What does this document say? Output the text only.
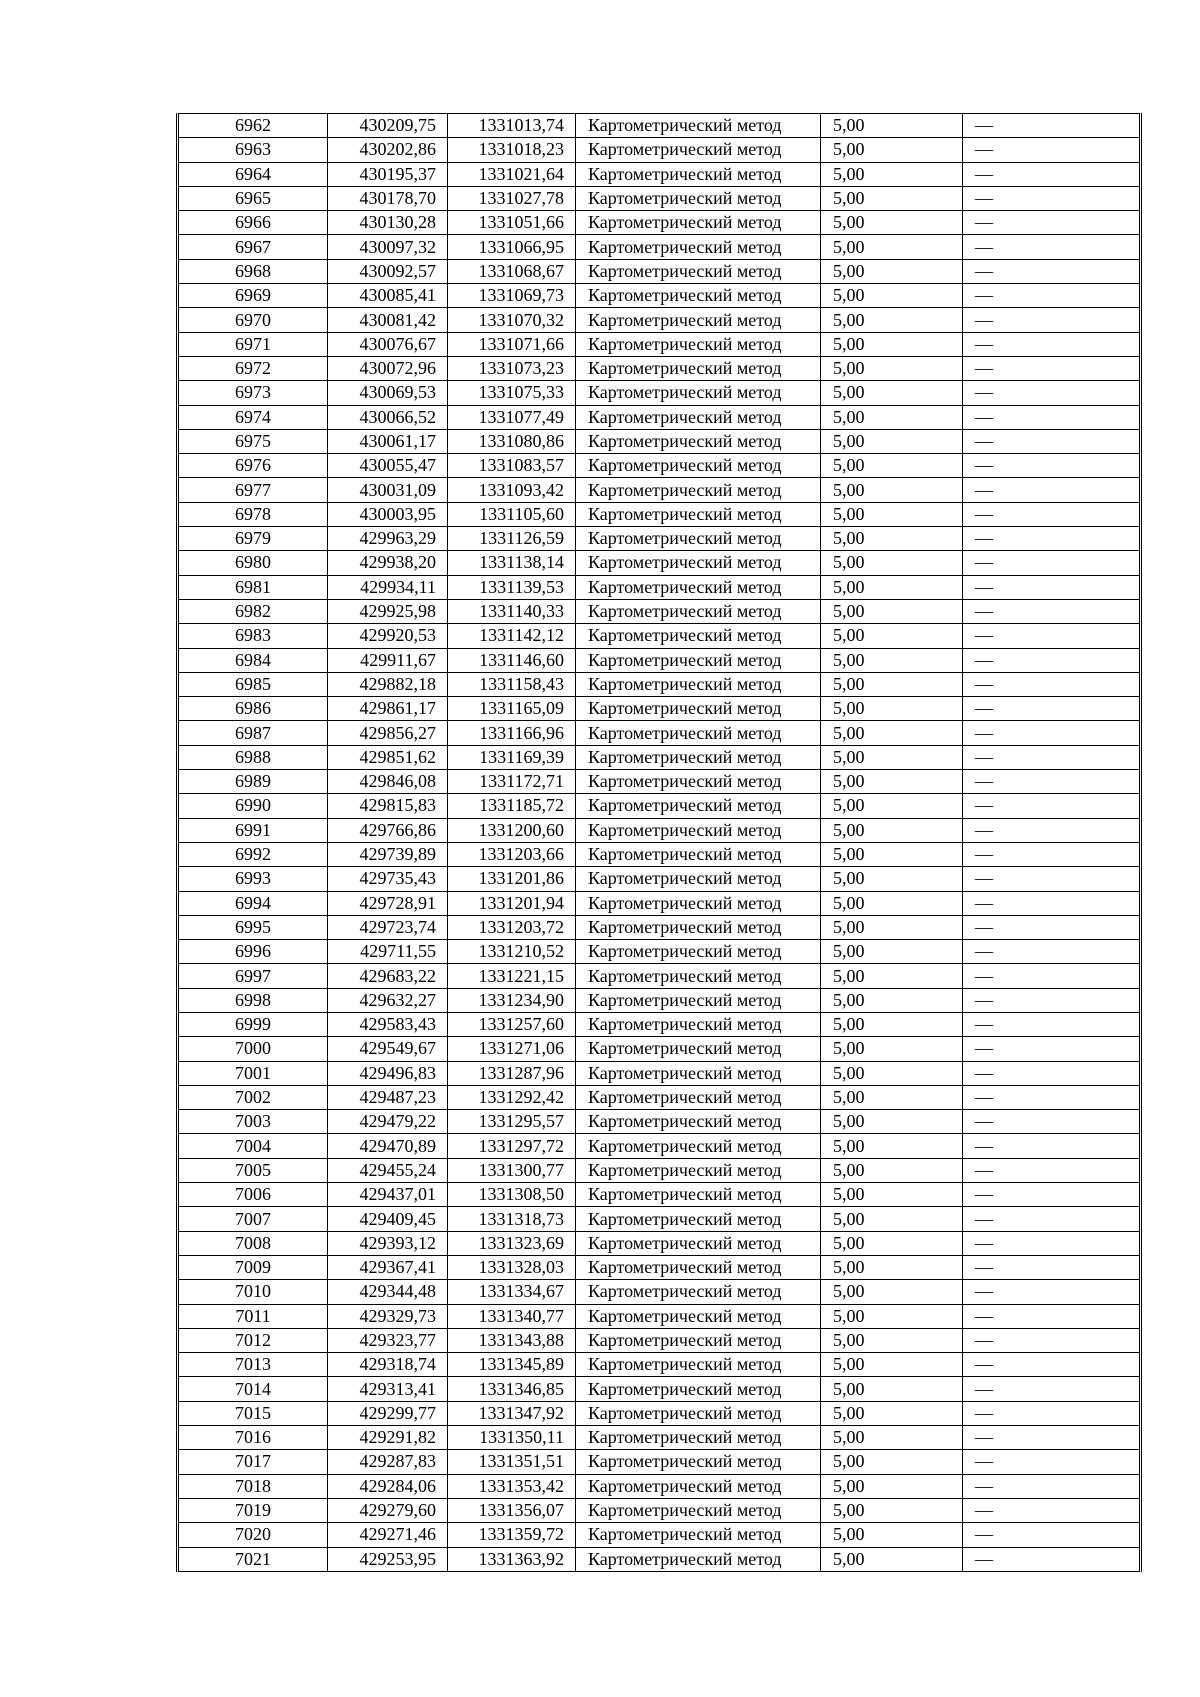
6962	430209,75	1331013,74	Картометрический метод	5,00	—
6963	430202,86	1331018,23	Картометрический метод	5,00	—
6964	430195,37	1331021,64	Картометрический метод	5,00	—
6965	430178,70	1331027,78	Картометрический метод	5,00	—
6966	430130,28	1331051,66	Картометрический метод	5,00	—
6967	430097,32	1331066,95	Картометрический метод	5,00	—
6968	430092,57	1331068,67	Картометрический метод	5,00	—
6969	430085,41	1331069,73	Картометрический метод	5,00	—
6970	430081,42	1331070,32	Картометрический метод	5,00	—
6971	430076,67	1331071,66	Картометрический метод	5,00	—
6972	430072,96	1331073,23	Картометрический метод	5,00	—
6973	430069,53	1331075,33	Картометрический метод	5,00	—
6974	430066,52	1331077,49	Картометрический метод	5,00	—
6975	430061,17	1331080,86	Картометрический метод	5,00	—
6976	430055,47	1331083,57	Картометрический метод	5,00	—
6977	430031,09	1331093,42	Картометрический метод	5,00	—
6978	430003,95	1331105,60	Картометрический метод	5,00	—
6979	429963,29	1331126,59	Картометрический метод	5,00	—
6980	429938,20	1331138,14	Картометрический метод	5,00	—
6981	429934,11	1331139,53	Картометрический метод	5,00	—
6982	429925,98	1331140,33	Картометрический метод	5,00	—
6983	429920,53	1331142,12	Картометрический метод	5,00	—
6984	429911,67	1331146,60	Картометрический метод	5,00	—
6985	429882,18	1331158,43	Картометрический метод	5,00	—
6986	429861,17	1331165,09	Картометрический метод	5,00	—
6987	429856,27	1331166,96	Картометрический метод	5,00	—
6988	429851,62	1331169,39	Картометрический метод	5,00	—
6989	429846,08	1331172,71	Картометрический метод	5,00	—
6990	429815,83	1331185,72	Картометрический метод	5,00	—
6991	429766,86	1331200,60	Картометрический метод	5,00	—
6992	429739,89	1331203,66	Картометрический метод	5,00	—
6993	429735,43	1331201,86	Картометрический метод	5,00	—
6994	429728,91	1331201,94	Картометрический метод	5,00	—
6995	429723,74	1331203,72	Картометрический метод	5,00	—
6996	429711,55	1331210,52	Картометрический метод	5,00	—
6997	429683,22	1331221,15	Картометрический метод	5,00	—
6998	429632,27	1331234,90	Картометрический метод	5,00	—
6999	429583,43	1331257,60	Картометрический метод	5,00	—
7000	429549,67	1331271,06	Картометрический метод	5,00	—
7001	429496,83	1331287,96	Картометрический метод	5,00	—
7002	429487,23	1331292,42	Картометрический метод	5,00	—
7003	429479,22	1331295,57	Картометрический метод	5,00	—
7004	429470,89	1331297,72	Картометрический метод	5,00	—
7005	429455,24	1331300,77	Картометрический метод	5,00	—
7006	429437,01	1331308,50	Картометрический метод	5,00	—
7007	429409,45	1331318,73	Картометрический метод	5,00	—
7008	429393,12	1331323,69	Картометрический метод	5,00	—
7009	429367,41	1331328,03	Картометрический метод	5,00	—
7010	429344,48	1331334,67	Картометрический метод	5,00	—
7011	429329,73	1331340,77	Картометрический метод	5,00	—
7012	429323,77	1331343,88	Картометрический метод	5,00	—
7013	429318,74	1331345,89	Картометрический метод	5,00	—
7014	429313,41	1331346,85	Картометрический метод	5,00	—
7015	429299,77	1331347,92	Картометрический метод	5,00	—
7016	429291,82	1331350,11	Картометрический метод	5,00	—
7017	429287,83	1331351,51	Картометрический метод	5,00	—
7018	429284,06	1331353,42	Картометрический метод	5,00	—
7019	429279,60	1331356,07	Картометрический метод	5,00	—
7020	429271,46	1331359,72	Картометрический метод	5,00	—
7021	429253,95	1331363,92	Картометрический метод	5,00	—
